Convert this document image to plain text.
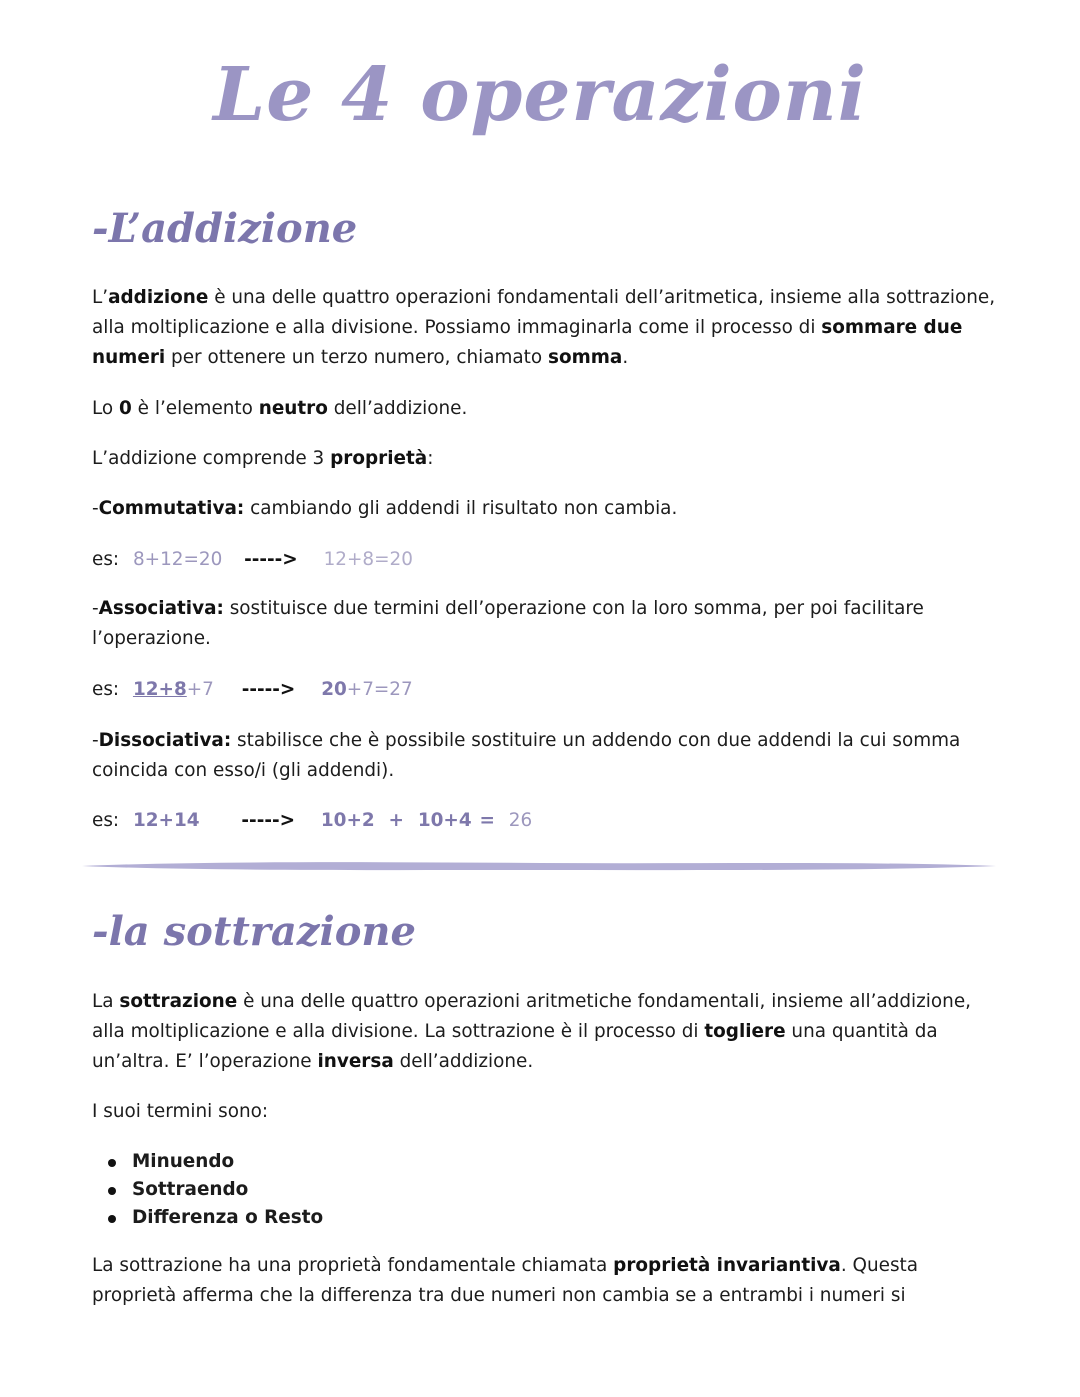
Le 4 operazioni
-L’addizione

L’addizione è una delle quattro operazioni fondamentali dell’aritmetica, insieme alla sottrazione, alla moltiplicazione e alla divisione. Possiamo immaginarla come il processo di sommare due numeri per ottenere un terzo numero, chiamato somma.

Lo 0 è l’elemento neutro dell’addizione.

L’addizione comprende 3 proprietà:

-Commutativa: cambiando gli addendi il risultato non cambia.

es: 8+12=20 -----> 12+8=20

-Associativa: sostituisce due termini dell’operazione con la loro somma, per poi facilitare l’operazione.

es: 12+8+7 -----> 20+7=27

-Dissociativa: stabilisce che è possibile sostituire un addendo con due addendi la cui somma coincida con esso/i (gli addendi).

es: 12+14 -----> 10+2 + 10+4 = 26
-la sottrazione

La sottrazione è una delle quattro operazioni aritmetiche fondamentali, insieme all’addizione, alla moltiplicazione e alla divisione. La sottrazione è il processo di togliere una quantità da un’altra. E’ l’operazione inversa dell’addizione.

I suoi termini sono:

Minuendo
Sottraendo
Differenza o Resto

La sottrazione ha una proprietà fondamentale chiamata proprietà invariantiva. Questa proprietà afferma che la differenza tra due numeri non cambia se a entrambi i numeri si
